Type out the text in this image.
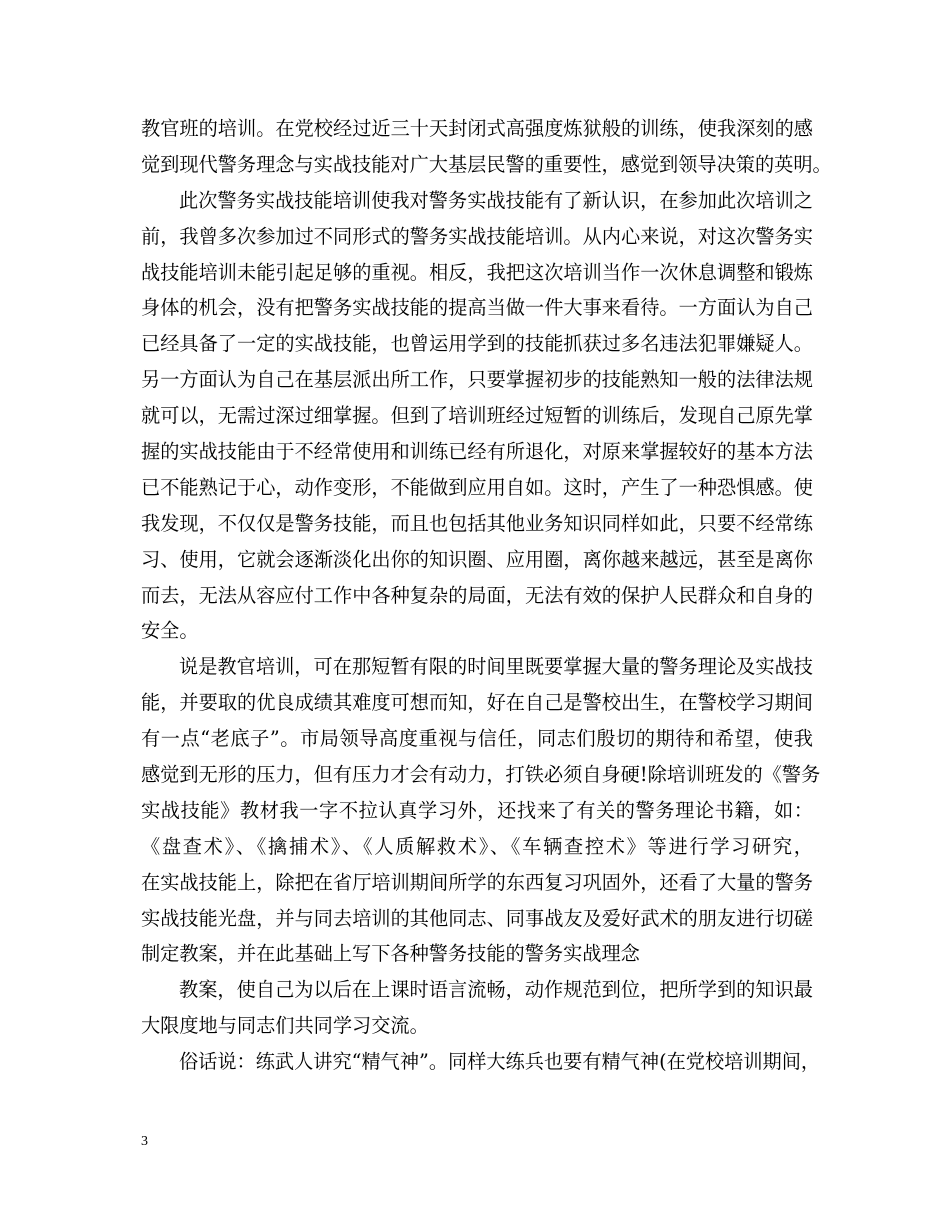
教官班的培训。在党校经过近三十天封闭式高强度炼狱般的训练，使我深刻的感
觉到现代警务理念与实战技能对广大基层民警的重要性，感觉到领导决策的英明。
此次警务实战技能培训使我对警务实战技能有了新认识，在参加此次培训之
前，我曾多次参加过不同形式的警务实战技能培训。从内心来说，对这次警务实
战技能培训未能引起足够的重视。相反，我把这次培训当作一次休息调整和锻炼
身体的机会，没有把警务实战技能的提高当做一件大事来看待。一方面认为自己
已经具备了一定的实战技能，也曾运用学到的技能抓获过多名违法犯罪嫌疑人。
另一方面认为自己在基层派出所工作，只要掌握初步的技能熟知一般的法律法规
就可以，无需过深过细掌握。但到了培训班经过短暂的训练后，发现自己原先掌
握的实战技能由于不经常使用和训练已经有所退化，对原来掌握较好的基本方法
已不能熟记于心，动作变形，不能做到应用自如。这时，产生了一种恐惧感。使
我发现，不仅仅是警务技能，而且也包括其他业务知识同样如此，只要不经常练
习、使用，它就会逐渐淡化出你的知识圈、应用圈，离你越来越远，甚至是离你
而去，无法从容应付工作中各种复杂的局面，无法有效的保护人民群众和自身的
安全。
说是教官培训，可在那短暂有限的时间里既要掌握大量的警务理论及实战技
能，并要取的优良成绩其难度可想而知，好在自己是警校出生，在警校学习期间
有一点“老底子”。市局领导高度重视与信任，同志们殷切的期待和希望，使我
感觉到无形的压力，但有压力才会有动力，打铁必须自身硬!除培训班发的《警务
实战技能》教材我一字不拉认真学习外，还找来了有关的警务理论书籍，如：
《盘查术》、《擒捕术》、《人质解救术》、《车辆查控术》等进行学习研究，
在实战技能上，除把在省厅培训期间所学的东西复习巩固外，还看了大量的警务
实战技能光盘，并与同去培训的其他同志、同事战友及爱好武术的朋友进行切磋
制定教案，并在此基础上写下各种警务技能的警务实战理念
教案，使自己为以后在上课时语言流畅，动作规范到位，把所学到的知识最
大限度地与同志们共同学习交流。
俗话说：练武人讲究“精气神”。同样大练兵也要有精气神(在党校培训期间，
3
